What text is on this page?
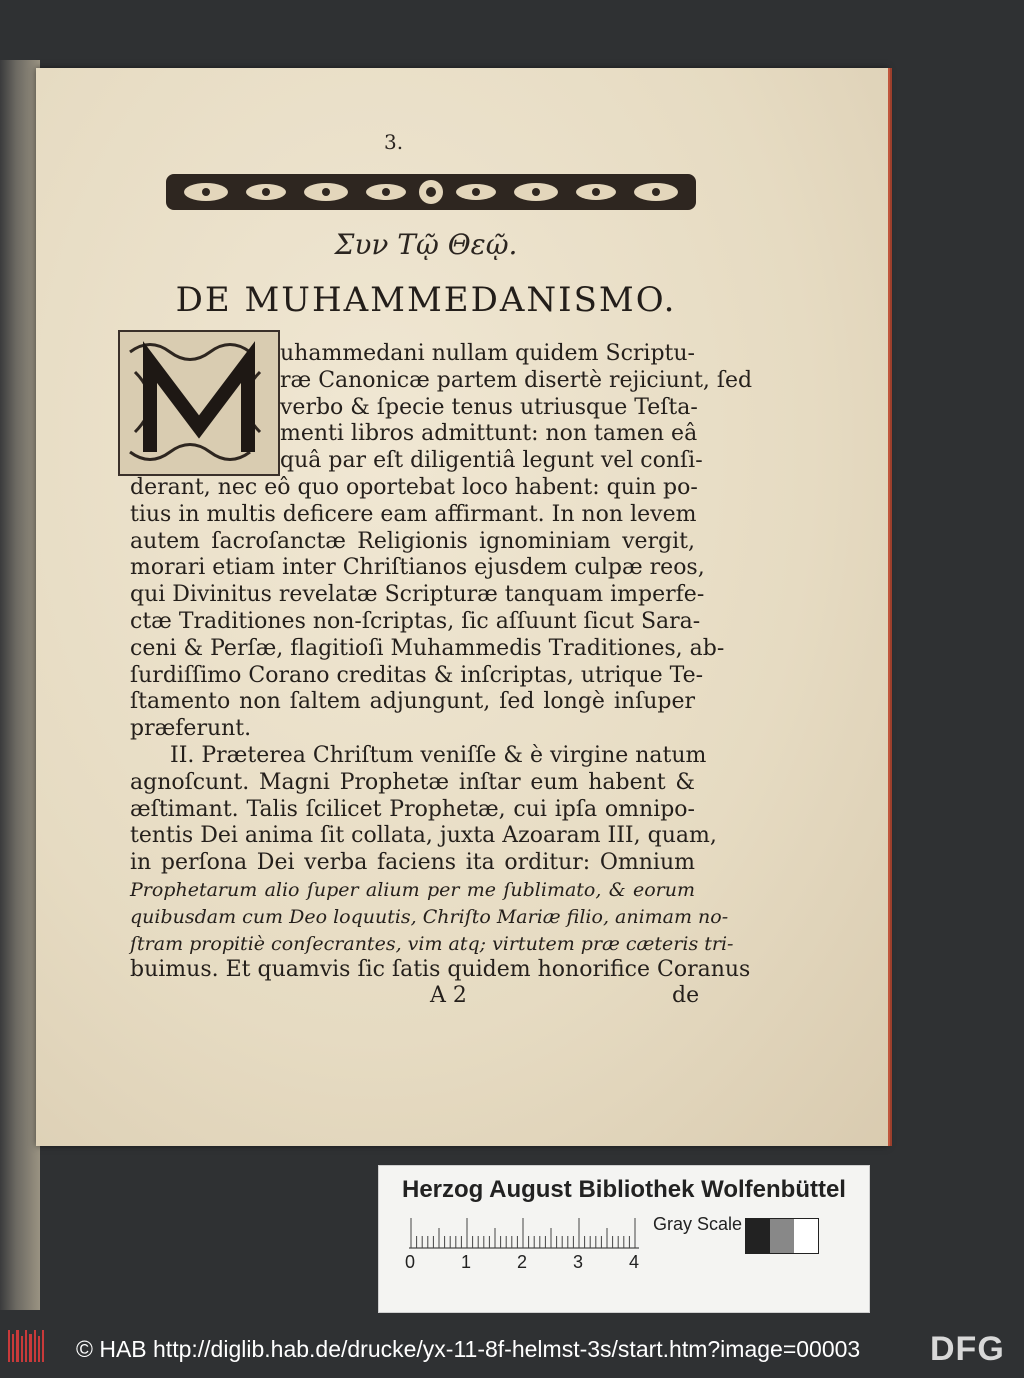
3.
Συν Τῷ Θεῷ.
DE MUHAMMEDANISMO.
uhammedani nullam quidem Scriptu-
ræ Canonicæ partem disertè rejiciunt, ſed
verbo & ſpecie tenus utriusque Teſta-
menti libros admittunt: non tamen eâ
quâ par eſt diligentiâ legunt vel conſi-
derant, nec eô quo oportebat loco habent: quin po-
tius in multis deficere eam affirmant. In non levem
autem ſacroſanctæ Religionis ignominiam vergit,
morari etiam inter Chriſtianos ejusdem culpæ reos,
qui Divinitus revelatæ Scripturæ tanquam imperfe-
ctæ Traditiones non-ſcriptas, ſic aſſuunt ſicut Sara-
ceni & Perſæ, flagitioſi Muhammedis Traditiones, ab-
ſurdiſſimo Corano creditas & inſcriptas, utrique Te-
ſtamento non ſaltem adjungunt, ſed longè inſuper
præferunt.
II. Præterea Chriſtum veniſſe & è virgine natum
agnoſcunt. Magni Prophetæ inſtar eum habent &
æſtimant. Talis ſcilicet Prophetæ, cui ipſa omnipo-
tentis Dei anima ſit collata, juxta Azoaram III, quam,
in perſona Dei verba faciens ita orditur: Omnium
Prophetarum alio ſuper alium per me ſublimato, & eorum
quibusdam cum Deo loquutis, Chriſto Mariæ filio, animam no-
ſtram propitiè conſecrantes, vim atq; virtutem præ cæteris tri-
buimus. Et quamvis ſic ſatis quidem honorifice Coranus
A 2	de
Herzog August Bibliothek Wolfenbüttel
0	1	2	3	4
Gray Scale
© HAB http://diglib.hab.de/drucke/yx-11-8f-helmst-3s/start.htm?image=00003	DFG
